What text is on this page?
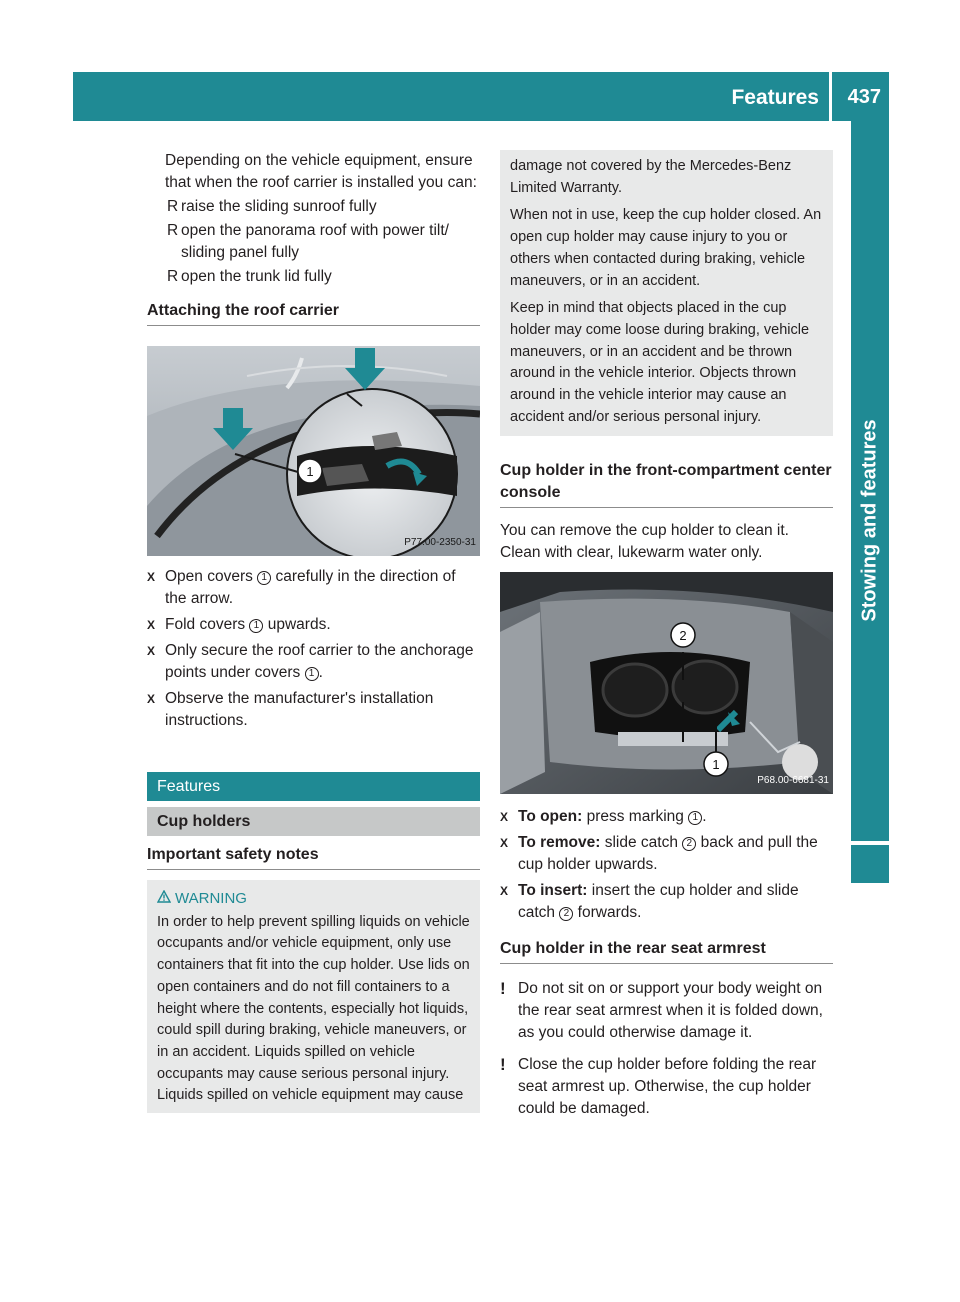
Features 437
Stowing and features
Depending on the vehicle equipment, ensure that when the roof carrier is installed you can:
R raise the sliding sunroof fully
R open the panorama roof with power tilt/ sliding panel fully
R open the trunk lid fully
Attaching the roof carrier
1
P77.00-2350-31
X Open covers 1 carefully in the direction of the arrow.
X Fold covers 1 upwards.
X Only secure the roof carrier to the anchorage points under covers 1 .
X Observe the manufacturer's installation instructions.
Features
Cup holders
Important safety notes
WARNING
In order to help prevent spilling liquids on vehicle occupants and/or vehicle equipment, only use containers that fit into the cup holder. Use lids on open containers and do not fill containers to a height where the contents, especially hot liquids, could spill during braking, vehicle maneuvers, or in an accident. Liquids spilled on vehicle occupants may cause serious personal injury. Liquids spilled on vehicle equipment may cause
damage not covered by the Mercedes-Benz Limited Warranty.
When not in use, keep the cup holder closed. An open cup holder may cause injury to you or others when contacted during braking, vehicle maneuvers, or in an accident.
Keep in mind that objects placed in the cup holder may come loose during braking, vehicle maneuvers, or in an accident and be thrown around in the vehicle interior. Objects thrown around in the vehicle interior may cause an accident and/or serious personal injury.
Cup holder in the front-compartment center console
You can remove the cup holder to clean it. Clean with clear, lukewarm water only.
2
1
P68.00-6681-31
X To open: press marking 1 .
X To remove: slide catch 2 back and pull the cup holder upwards.
X To insert: insert the cup holder and slide catch 2 forwards.
Cup holder in the rear seat armrest
! Do not sit on or support your body weight on the rear seat armrest when it is folded down, as you could otherwise damage it.
! Close the cup holder before folding the rear seat armrest up. Otherwise, the cup holder could be damaged.
